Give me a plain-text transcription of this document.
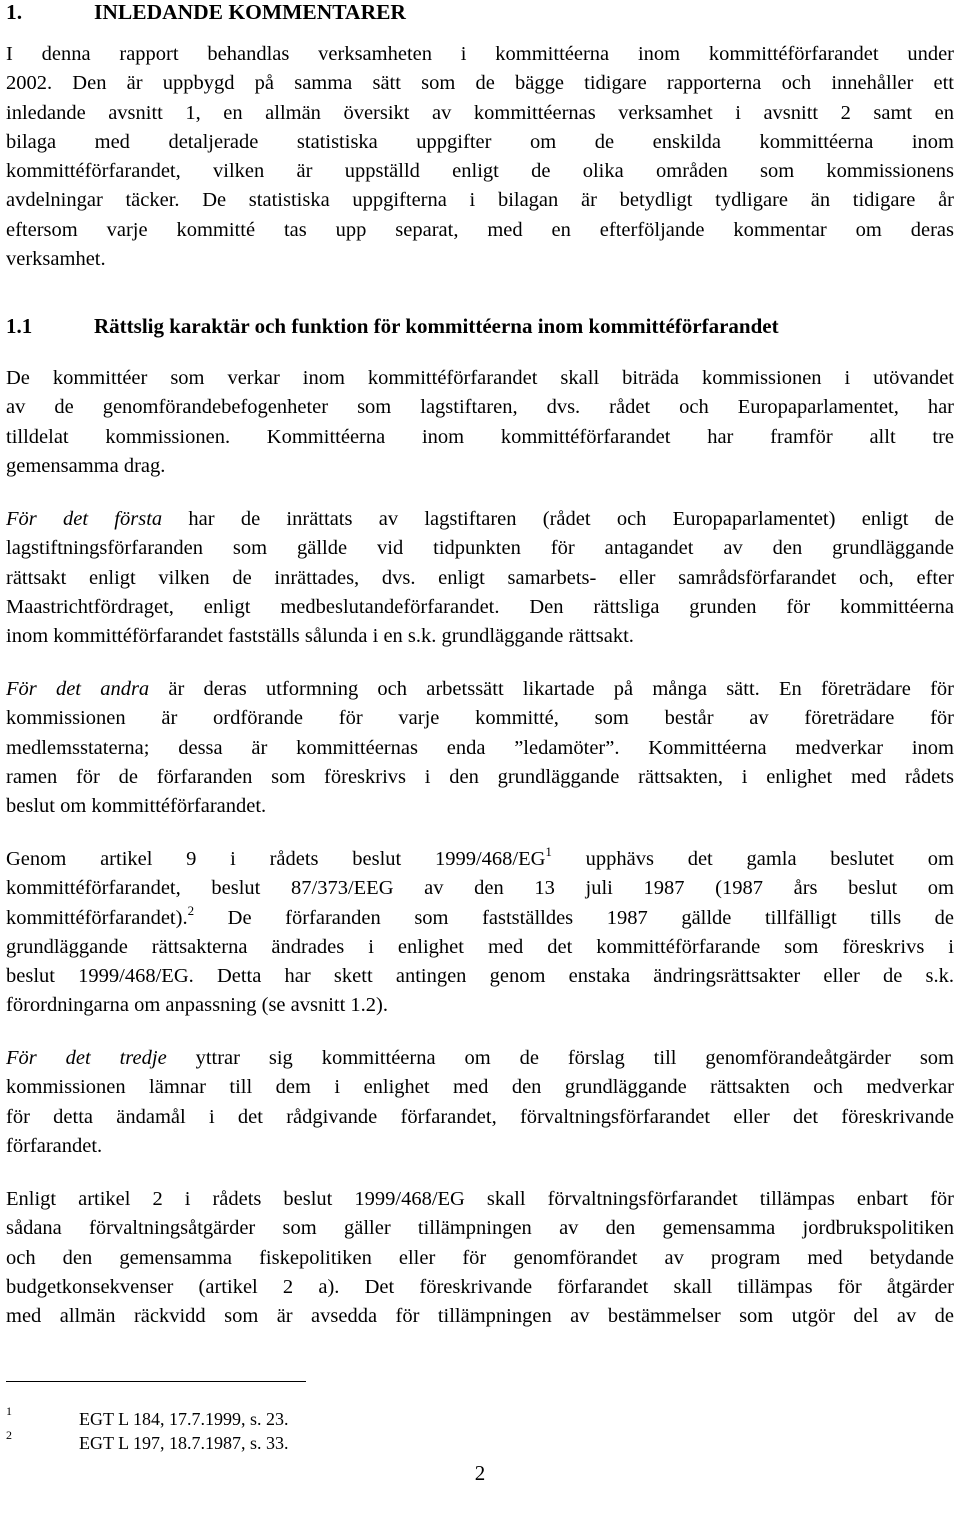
1.	INLEDANDE KOMMENTARER
I denna rapport behandlas verksamheten i kommittéerna inom kommittéförfarandet under
2002. Den är uppbygd på samma sätt som de bägge tidigare rapporterna och innehåller ett
inledande avsnitt 1, en allmän översikt av kommittéernas verksamhet i avsnitt 2 samt en
bilaga med detaljerade statistiska uppgifter om de enskilda kommittéerna inom
kommittéförfarandet, vilken är uppställd enligt de olika områden som kommissionens
avdelningar täcker. De statistiska uppgifterna i bilagan är betydligt tydligare än tidigare år
eftersom varje kommitté tas upp separat, med en efterföljande kommentar om deras
verksamhet.
1.1	Rättslig karaktär och funktion för kommittéerna inom kommittéförfarandet
De kommittéer som verkar inom kommittéförfarandet skall biträda kommissionen i utövandet
av de genomförandebefogenheter som lagstiftaren, dvs. rådet och Europaparlamentet, har
tilldelat kommissionen. Kommittéerna inom kommittéförfarandet har framför allt tre
gemensamma drag.
För det första har de inrättats av lagstiftaren (rådet och Europaparlamentet) enligt de
lagstiftningsförfaranden som gällde vid tidpunkten för antagandet av den grundläggande
rättsakt enligt vilken de inrättades, dvs. enligt samarbets- eller samrådsförfarandet och, efter
Maastrichtfördraget, enligt medbeslutandeförfarandet. Den rättsliga grunden för kommittéerna
inom kommittéförfarandet fastställs sålunda i en s.k. grundläggande rättsakt.
För det andra är deras utformning och arbetssätt likartade på många sätt. En företrädare för
kommissionen är ordförande för varje kommitté, som består av företrädare för
medlemsstaterna; dessa är kommittéernas enda ”ledamöter”. Kommittéerna medverkar inom
ramen för de förfaranden som föreskrivs i den grundläggande rättsakten, i enlighet med rådets
beslut om kommittéförfarandet.
Genom artikel 9 i rådets beslut $1999/468/EG^1$ upphävs det gamla beslutet om
kommittéförfarandet, beslut 87/373/EEG av den 13 juli 1987 (1987 års beslut om
kommittéförfarandet).$^2$ De förfaranden som fastställdes 1987 gällde tillfälligt tills de
grundläggande rättsakterna ändrades i enlighet med det kommittéförfarande som föreskrivs i
beslut 1999/468/EG. Detta har skett antingen genom enstaka ändringsrättsakter eller de s.k.
förordningarna om anpassning (se avsnitt 1.2).
För det tredje yttrar sig kommittéerna om de förslag till genomförandeåtgärder som
kommissionen lämnar till dem i enlighet med den grundläggande rättsakten och medverkar
för detta ändamål i det rådgivande förfarandet, förvaltningsförfarandet eller det föreskrivande
förfarandet.
Enligt artikel 2 i rådets beslut 1999/468/EG skall förvaltningsförfarandet tillämpas enbart för
sådana förvaltningsåtgärder som gäller tillämpningen av den gemensamma jordbrukspolitiken
och den gemensamma fiskepolitiken eller för genomförandet av program med betydande
budgetkonsekvenser (artikel 2 a). Det föreskrivande förfarandet skall tillämpas för åtgärder
med allmän räckvidd som är avsedda för tillämpningen av bestämmelser som utgör del av de
1	EGT L 184, 17.7.1999, s. 23.
2	EGT L 197, 18.7.1987, s. 33.
2
